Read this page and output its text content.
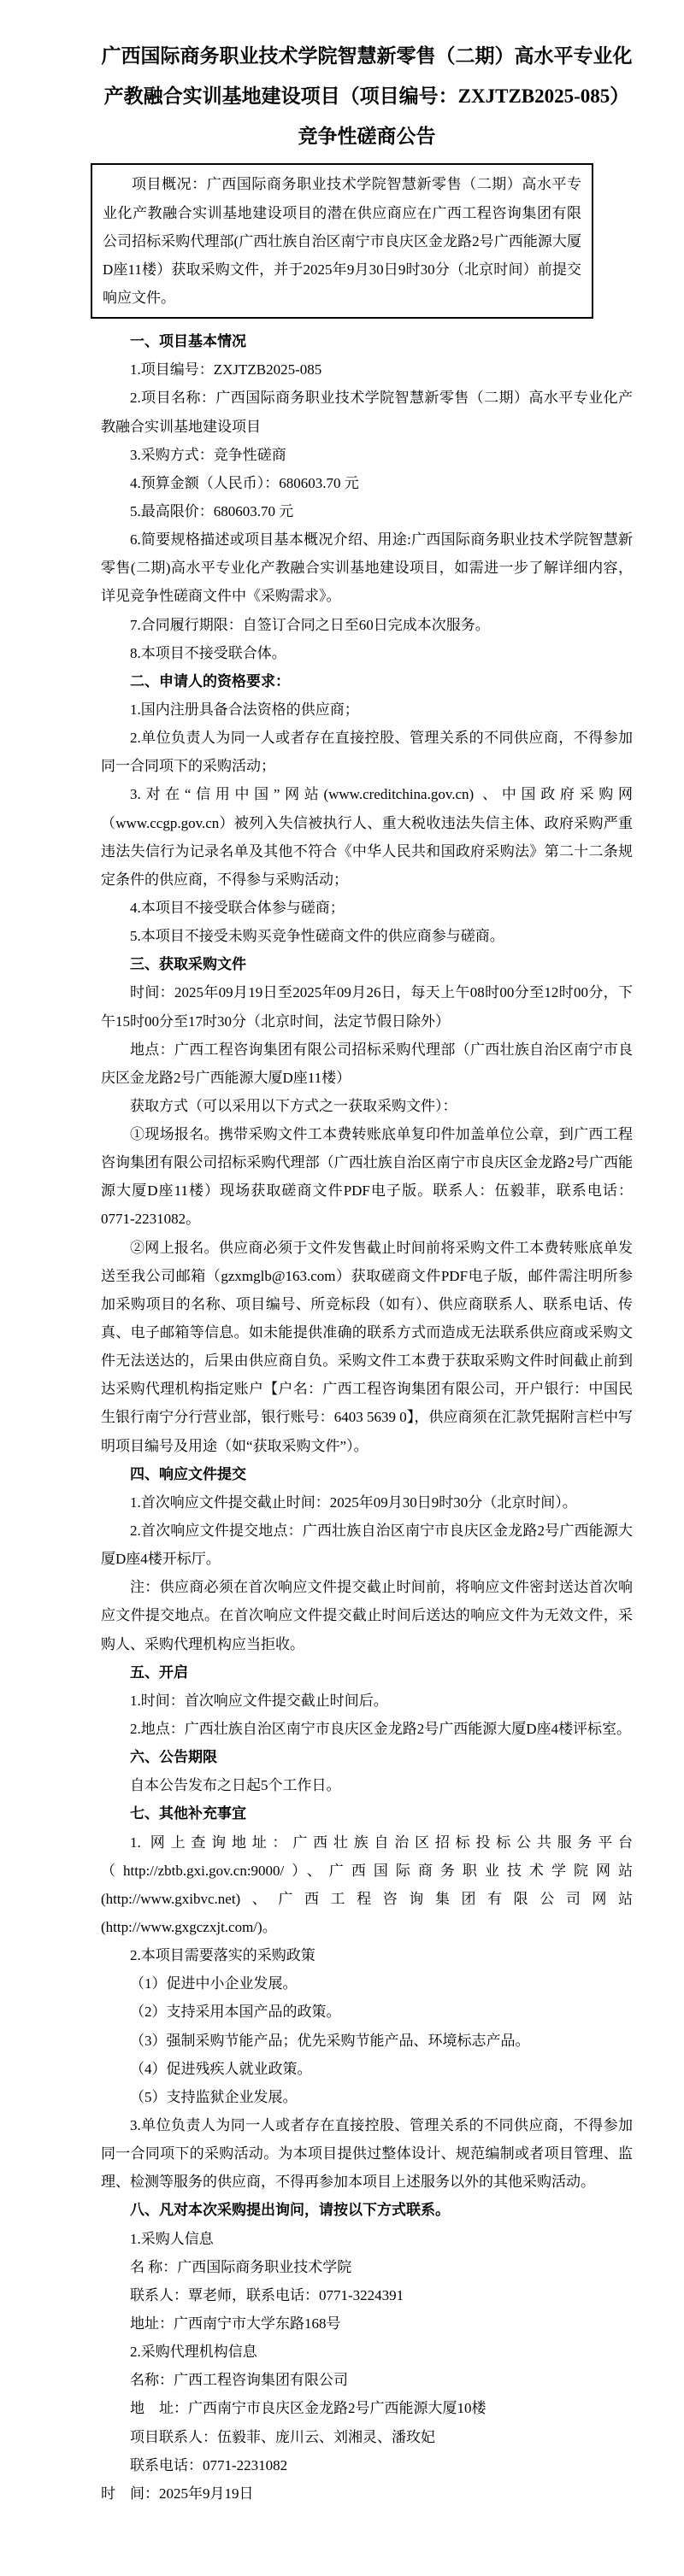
广西国际商务职业技术学院智慧新零售（二期）高水平专业化产教融合实训基地建设项目（项目编号：ZXJTZB2025-085）竞争性磋商公告

项目概况：广西国际商务职业技术学院智慧新零售（二期）高水平专业化产教融合实训基地建设项目的潜在供应商应在广西工程咨询集团有限公司招标采购代理部(广西壮族自治区南宁市良庆区金龙路2号广西能源大厦D座11楼）获取采购文件，并于2025年9月30日9时30分（北京时间）前提交响应文件。

一、项目基本情况

1.项目编号：ZXJTZB2025-085

2.项目名称：广西国际商务职业技术学院智慧新零售（二期）高水平专业化产教融合实训基地建设项目

3.采购方式：竞争性磋商

4.预算金额（人民币）：680603.70 元

5.最高限价：680603.70 元

6.简要规格描述或项目基本概况介绍、用途:广西国际商务职业技术学院智慧新零售(二期)高水平专业化产教融合实训基地建设项目，如需进一步了解详细内容，详见竞争性磋商文件中《采购需求》。

7.合同履行期限：自签订合同之日至60日完成本次服务。

8.本项目不接受联合体。

二、申请人的资格要求：

1.国内注册具备合法资格的供应商；

2.单位负责人为同一人或者存在直接控股、管理关系的不同供应商，不得参加同一合同项下的采购活动；

3.对在“信用中国”网站(www.creditchina.gov.cn) 、中国政府采购网（www.ccgp.gov.cn）被列入失信被执行人、重大税收违法失信主体、政府采购严重违法失信行为记录名单及其他不符合《中华人民共和国政府采购法》第二十二条规定条件的供应商，不得参与采购活动；

4.本项目不接受联合体参与磋商；

5.本项目不接受未购买竞争性磋商文件的供应商参与磋商。

三、获取采购文件

时间：2025年09月19日至2025年09月26日，每天上午08时00分至12时00分，下午15时00分至17时30分（北京时间，法定节假日除外）

地点：广西工程咨询集团有限公司招标采购代理部（广西壮族自治区南宁市良庆区金龙路2号广西能源大厦D座11楼）

获取方式（可以采用以下方式之一获取采购文件）：

①现场报名。携带采购文件工本费转账底单复印件加盖单位公章，到广西工程咨询集团有限公司招标采购代理部（广西壮族自治区南宁市良庆区金龙路2号广西能源大厦D座11楼）现场获取磋商文件PDF电子版。联系人：伍毅菲，联系电话：0771-2231082。

②网上报名。供应商必须于文件发售截止时间前将采购文件工本费转账底单发送至我公司邮箱（gzxmglb@163.com）获取磋商文件PDF电子版，邮件需注明所参加采购项目的名称、项目编号、所竞标段（如有）、供应商联系人、联系电话、传真、电子邮箱等信息。如未能提供准确的联系方式而造成无法联系供应商或采购文件无法送达的，后果由供应商自负。采购文件工本费于获取采购文件时间截止前到达采购代理机构指定账户【户名：广西工程咨询集团有限公司，开户银行：中国民生银行南宁分行营业部，银行账号：6403 5639 0】，供应商须在汇款凭据附言栏中写明项目编号及用途（如“获取采购文件”）。

四、响应文件提交

1.首次响应文件提交截止时间：2025年09月30日9时30分（北京时间）。

2.首次响应文件提交地点：广西壮族自治区南宁市良庆区金龙路2号广西能源大厦D座4楼开标厅。

注：供应商必须在首次响应文件提交截止时间前，将响应文件密封送达首次响应文件提交地点。在首次响应文件提交截止时间后送达的响应文件为无效文件，采购人、采购代理机构应当拒收。

五、开启

1.时间：首次响应文件提交截止时间后。

2.地点：广西壮族自治区南宁市良庆区金龙路2号广西能源大厦D座4楼评标室。

六、公告期限

自本公告发布之日起5个工作日。

七、其他补充事宜

1. 网上查询地址：广西壮族自治区招标投标公共服务平台（http://zbtb.gxi.gov.cn:9000/）、广西国际商务职业技术学院网站(http://www.gxibvc.net)、广西工程咨询集团有限公司网站(http://www.gxgczxjt.com/)。

2.本项目需要落实的采购政策

（1）促进中小企业发展。

（2）支持采用本国产品的政策。

（3）强制采购节能产品；优先采购节能产品、环境标志产品。

（4）促进残疾人就业政策。

（5）支持监狱企业发展。

3.单位负责人为同一人或者存在直接控股、管理关系的不同供应商，不得参加同一合同项下的采购活动。为本项目提供过整体设计、规范编制或者项目管理、监理、检测等服务的供应商，不得再参加本项目上述服务以外的其他采购活动。

八、凡对本次采购提出询问，请按以下方式联系。

1.采购人信息

名 称：广西国际商务职业技术学院

联系人：覃老师，联系电话：0771-3224391

地址：广西南宁市大学东路168号

2.采购代理机构信息

名称：广西工程咨询集团有限公司

地    址：广西南宁市良庆区金龙路2号广西能源大厦10楼

项目联系人：伍毅菲、庞川云、刘湘灵、潘玫妃

联系电话：0771-2231082

时    间：2025年9月19日
